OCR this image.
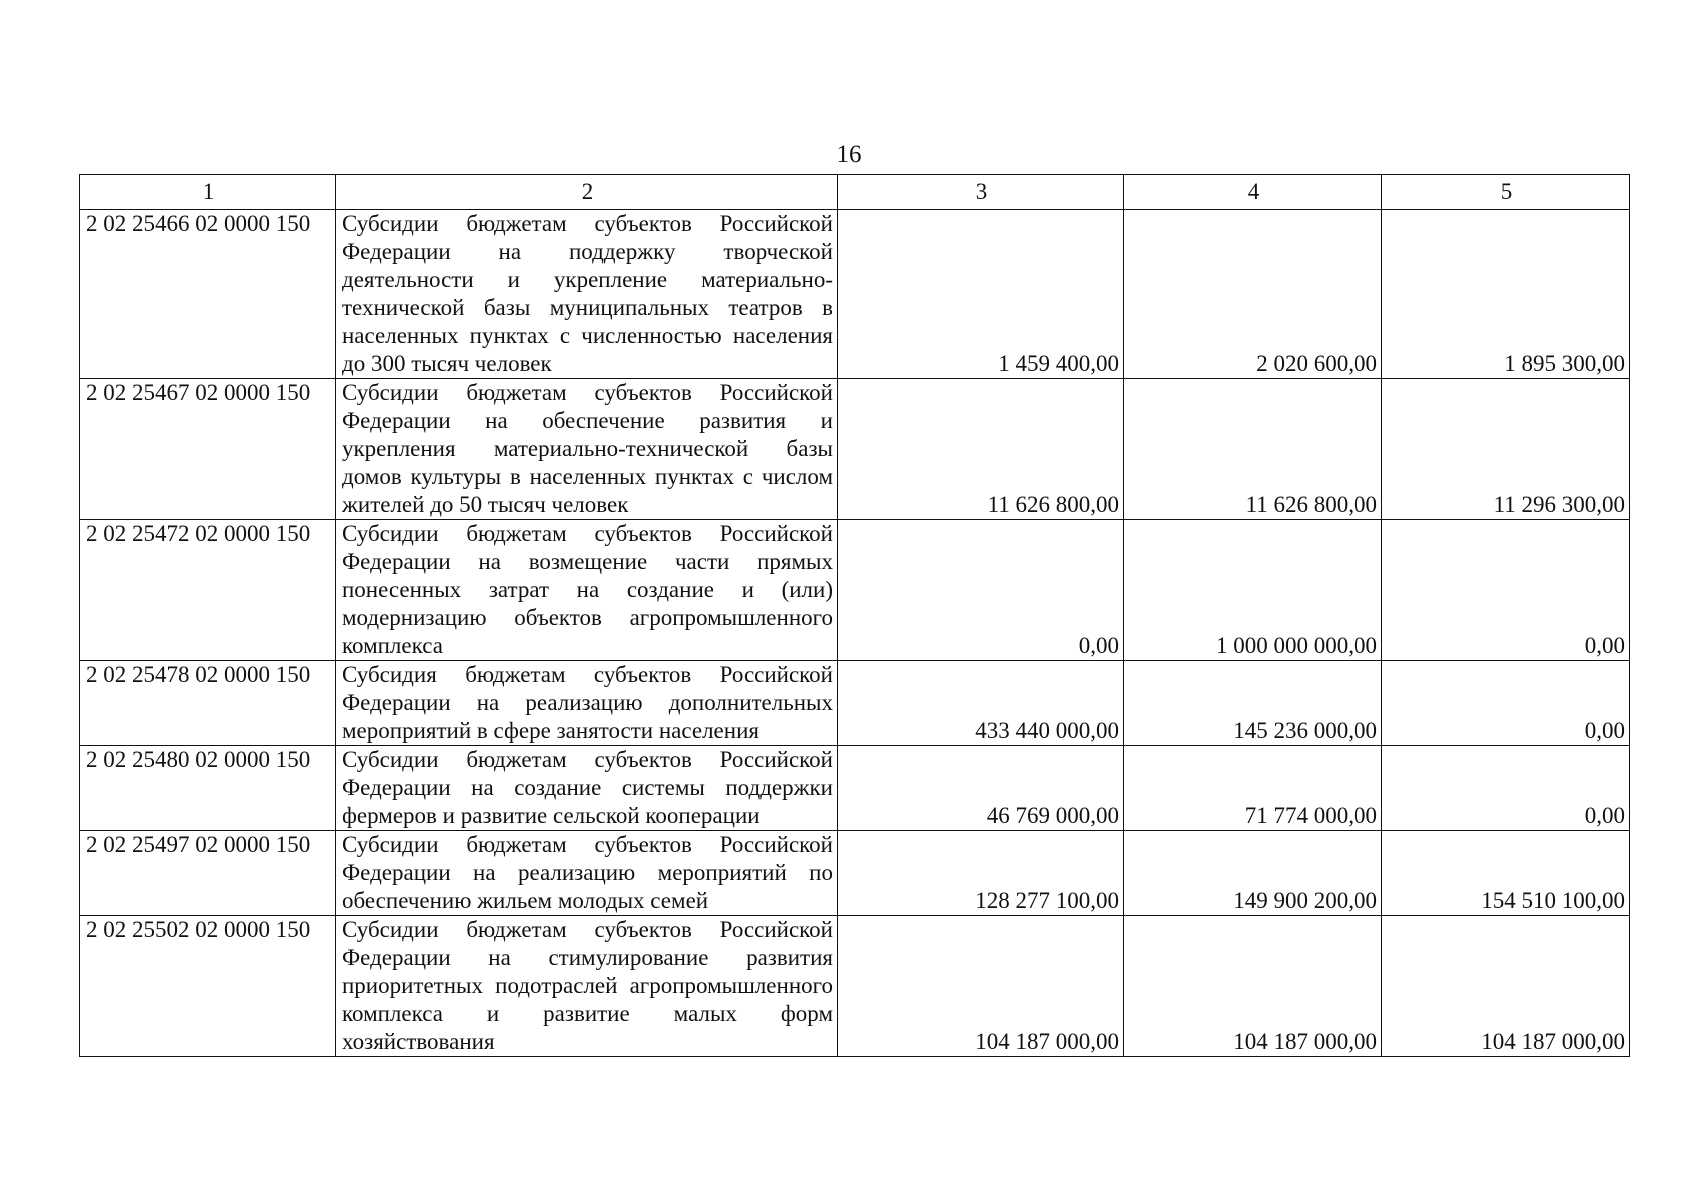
16
1	2	3	4	5
2 02 25466 02 0000 150	Субсидии бюджетам субъектов Российской Федерации на поддержку творческой деятельности и укрепление материально-технической базы муниципальных театров в населенных пунктах с численностью населения до 300 тысяч человек	1 459 400,00	2 020 600,00	1 895 300,00
2 02 25467 02 0000 150	Субсидии бюджетам субъектов Российской Федерации на обеспечение развития и укрепления материально-технической базы домов культуры в населенных пунктах с числом жителей до 50 тысяч человек	11 626 800,00	11 626 800,00	11 296 300,00
2 02 25472 02 0000 150	Субсидии бюджетам субъектов Российской Федерации на возмещение части прямых понесенных затрат на создание и (или) модернизацию объектов агропромышленного комплекса	0,00	1 000 000 000,00	0,00
2 02 25478 02 0000 150	Субсидия бюджетам субъектов Российской Федерации на реализацию дополнительных мероприятий в сфере занятости населения	433 440 000,00	145 236 000,00	0,00
2 02 25480 02 0000 150	Субсидии бюджетам субъектов Российской Федерации на создание системы поддержки фермеров и развитие сельской кооперации	46 769 000,00	71 774 000,00	0,00
2 02 25497 02 0000 150	Субсидии бюджетам субъектов Российской Федерации на реализацию мероприятий по обеспечению жильем молодых семей	128 277 100,00	149 900 200,00	154 510 100,00
2 02 25502 02 0000 150	Субсидии бюджетам субъектов Российской Федерации на стимулирование развития приоритетных подотраслей агропромышленного комплекса и развитие малых форм хозяйствования	104 187 000,00	104 187 000,00	104 187 000,00
